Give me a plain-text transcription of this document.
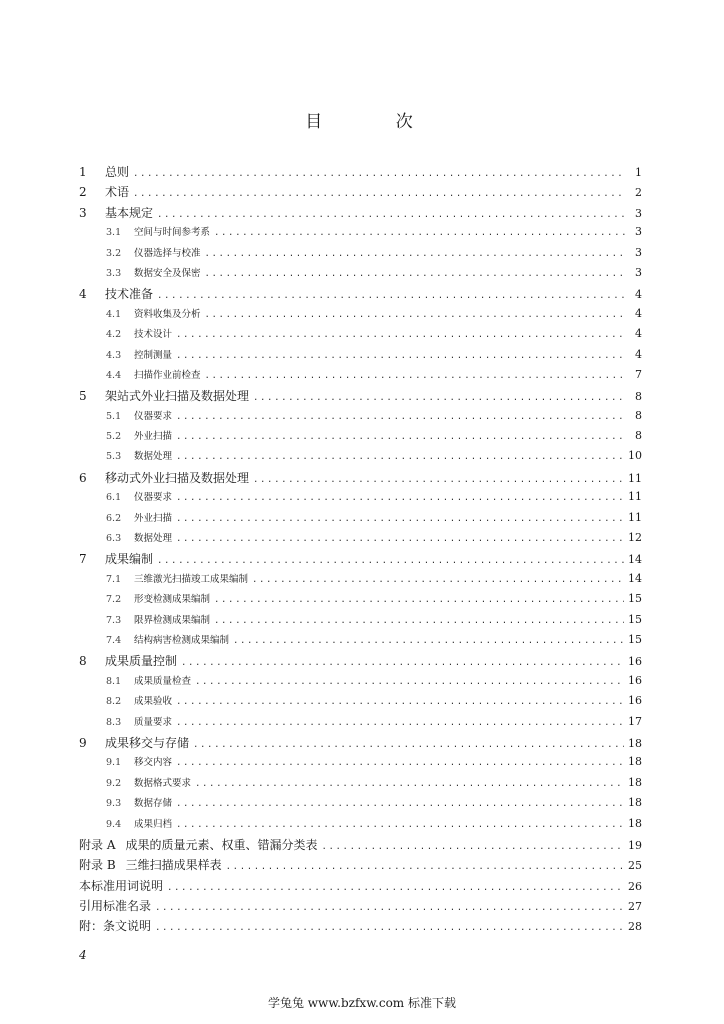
目 次
1	总则 .....	1
2	术语 .....	2
3	基本规定 .....	3
3.1	空间与时间参考系 .....	3
3.2	仪器选择与校准 .....	3
3.3	数据安全及保密 .....	3
4	技术准备 .....	4
4.1	资料收集及分析 .....	4
4.2	技术设计 .....	4
4.3	控制测量 .....	4
4.4	扫描作业前检查 .....	7
5	架站式外业扫描及数据处理 .....	8
5.1	仪器要求 .....	8
5.2	外业扫描 .....	8
5.3	数据处理 .....	10
6	移动式外业扫描及数据处理 .....	11
6.1	仪器要求 .....	11
6.2	外业扫描 .....	11
6.3	数据处理 .....	12
7	成果编制 .....	14
7.1	三维激光扫描竣工成果编制 .....	14
7.2	形变检测成果编制 .....	15
7.3	限界检测成果编制 .....	15
7.4	结构病害检测成果编制 .....	15
8	成果质量控制 .....	16
8.1	成果质量检查 .....	16
8.2	成果验收 .....	16
8.3	质量要求 .....	17
9	成果移交与存储 .....	18
9.1	移交内容 .....	18
9.2	数据格式要求 .....	18
9.3	数据存储 .....	18
9.4	成果归档 .....	18
附录 A 成果的质量元素、权重、错漏分类表 .....	19
附录 B 三维扫描成果样表 .....	25
本标准用词说明 .....	26
引用标准名录 .....	27
附：条文说明 .....	28
4
学兔兔 www.bzfxw.com 标准下载
